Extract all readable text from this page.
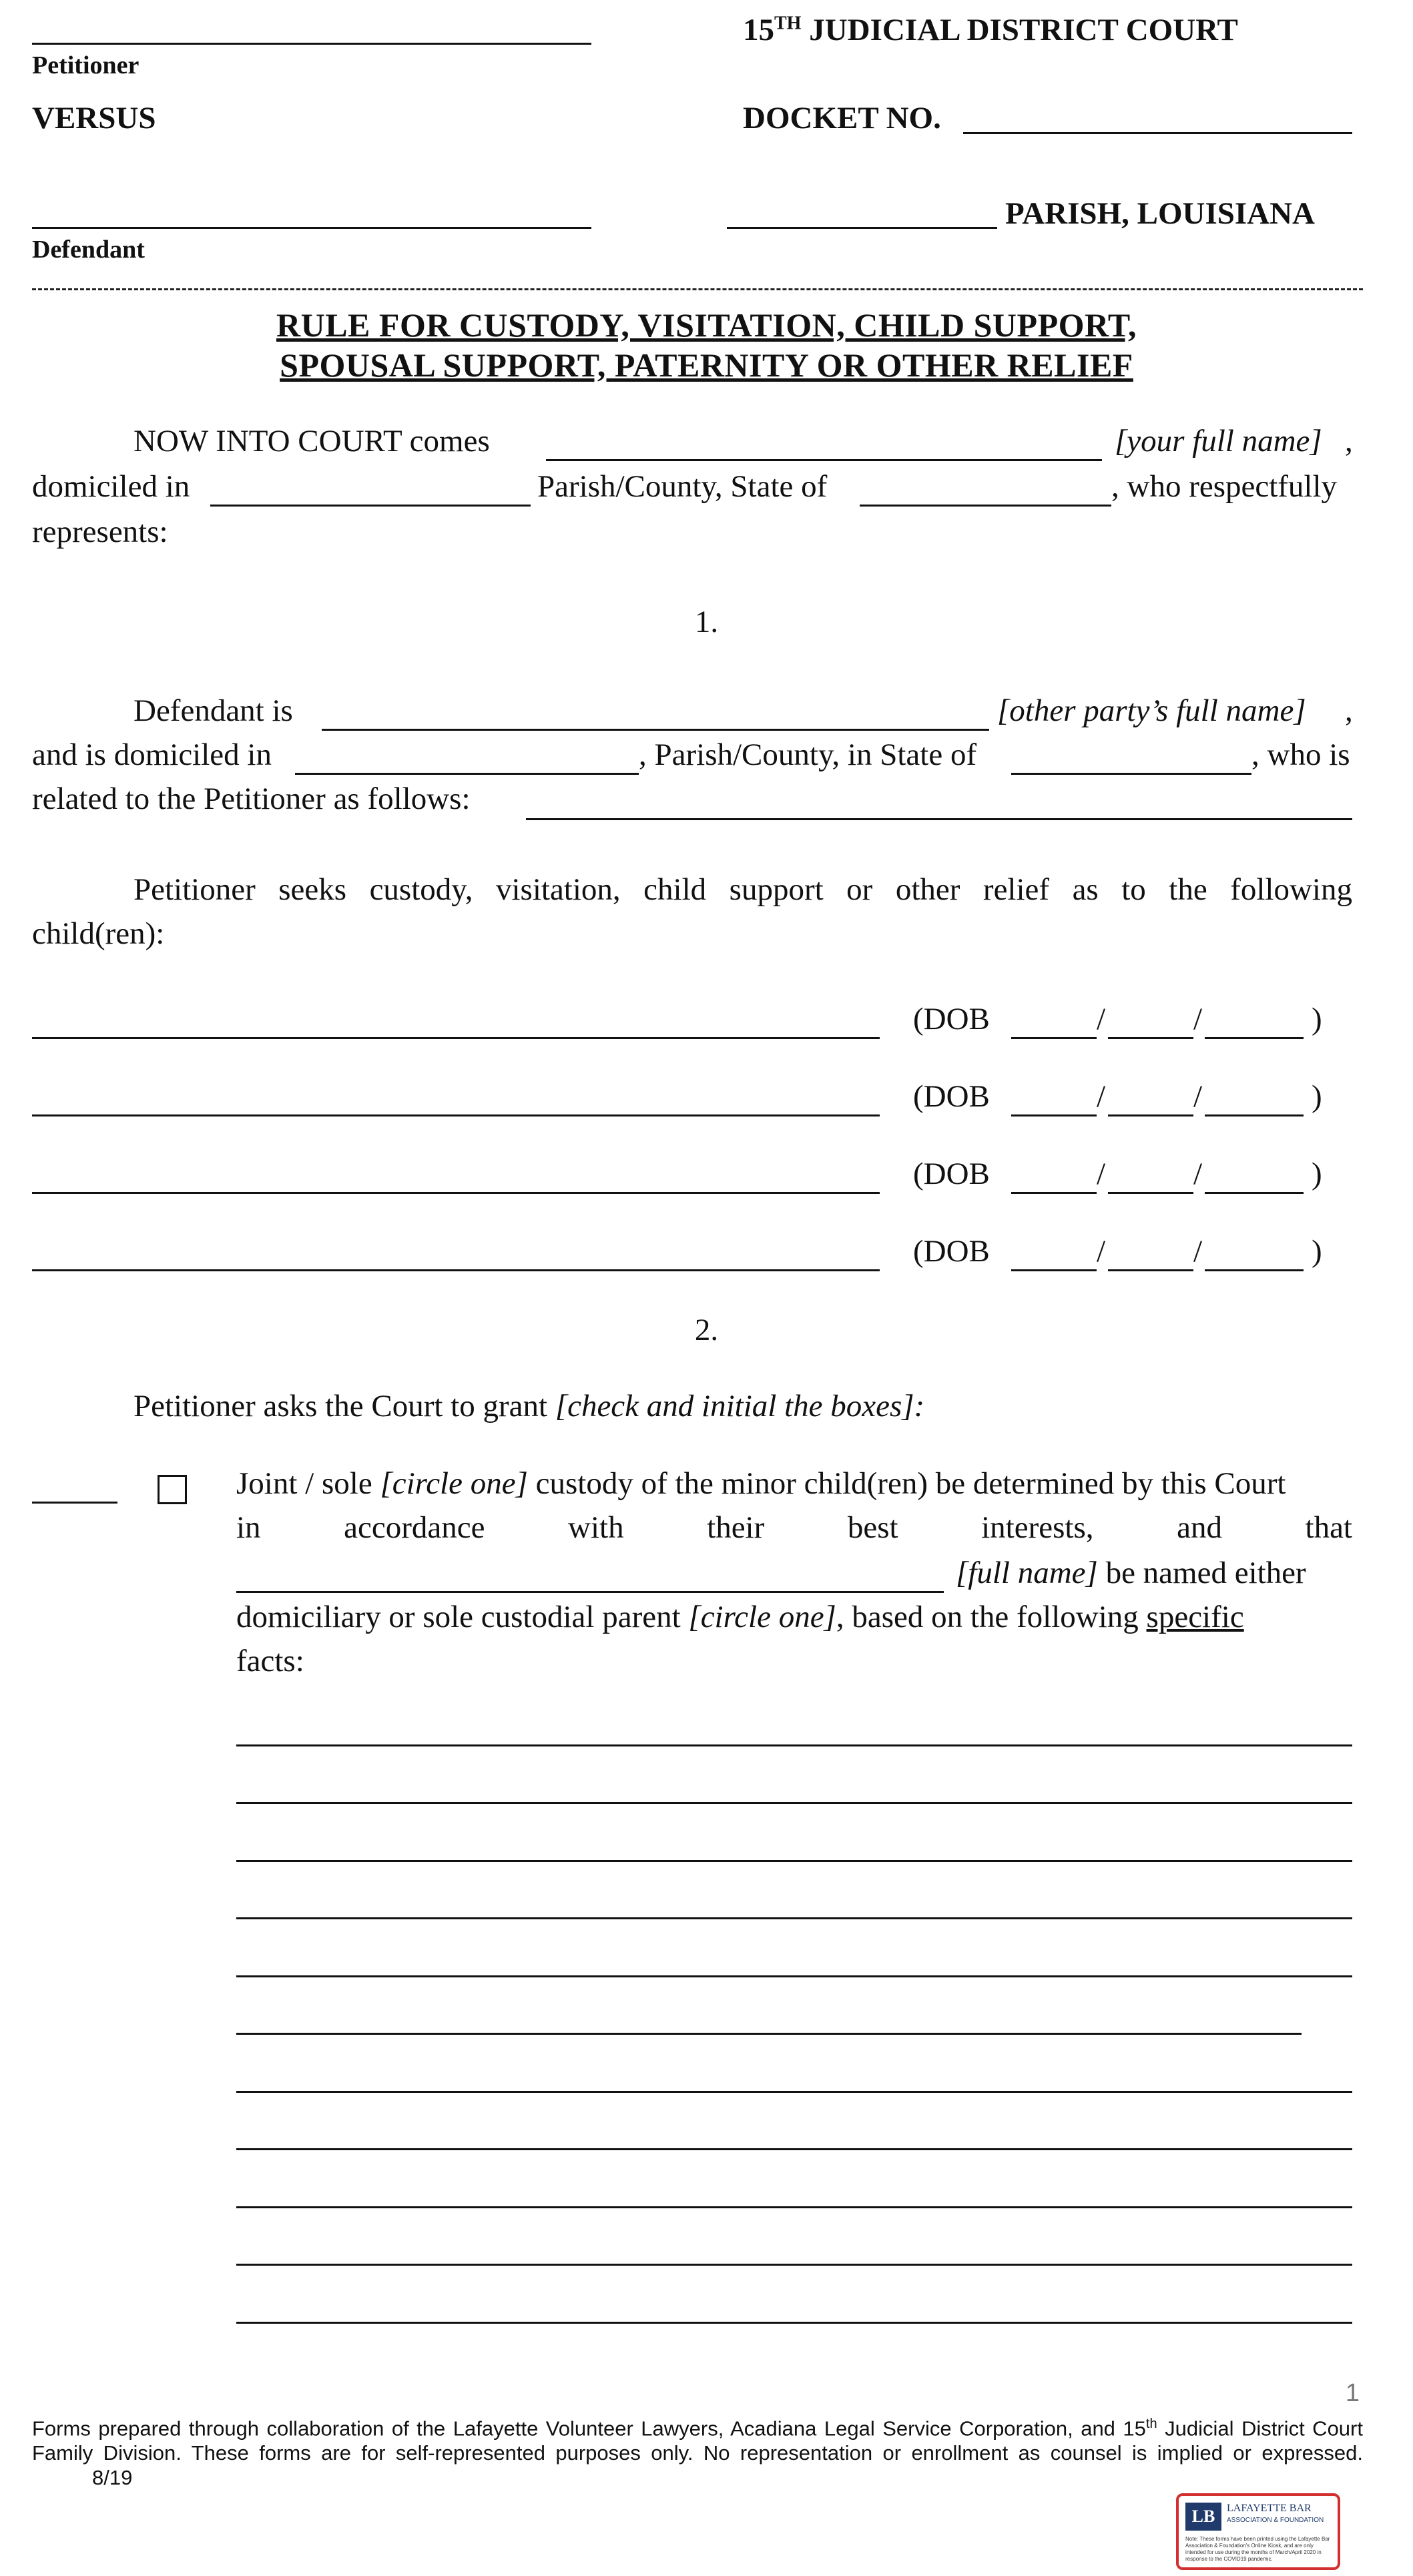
Petitioner
15TH JUDICIAL DISTRICT COURT
VERSUS	DOCKET NO.
PARISH, LOUISIANA
Defendant
RULE FOR CUSTODY, VISITATION, CHILD SUPPORT,
SPOUSAL SUPPORT, PATERNITY OR OTHER RELIEF
NOW INTO COURT comes	[your full name] ,
domiciled in	Parish/County, State of	, who respectfully
represents:
1.
Defendant is	[other party’s full name] ,
and is domiciled in	, Parish/County, in State of	, who is
related to the Petitioner as follows:
Petitioner seeks custody, visitation, child support or other relief as to the following
child(ren):
(DOB	/	/	)
(DOB	/	/	)
(DOB	/	/	)
(DOB	/	/	)
2.
Petitioner asks the Court to grant [check and initial the boxes]:
Joint / sole [circle one] custody of the minor child(ren) be determined by this Court
in	accordance	with	their	best	interests,	and	that
[full name] be named either
domiciliary or sole custodial parent [circle one], based on the following specific
facts:
1
Forms prepared through collaboration of the Lafayette Volunteer Lawyers, Acadiana Legal Service Corporation, and 15th Judicial District Court Family Division. These forms are for self-represented purposes only. No representation or enrollment as counsel is implied or expressed. 8/19
LB	LAFAYETTE BAR
ASSOCIATION & FOUNDATION
Note: These forms have been printed using the Lafayette Bar Association & Foundation's Online Kiosk, and are only intended for use during the months of March/April 2020 in response to the COVID19 pandemic.
